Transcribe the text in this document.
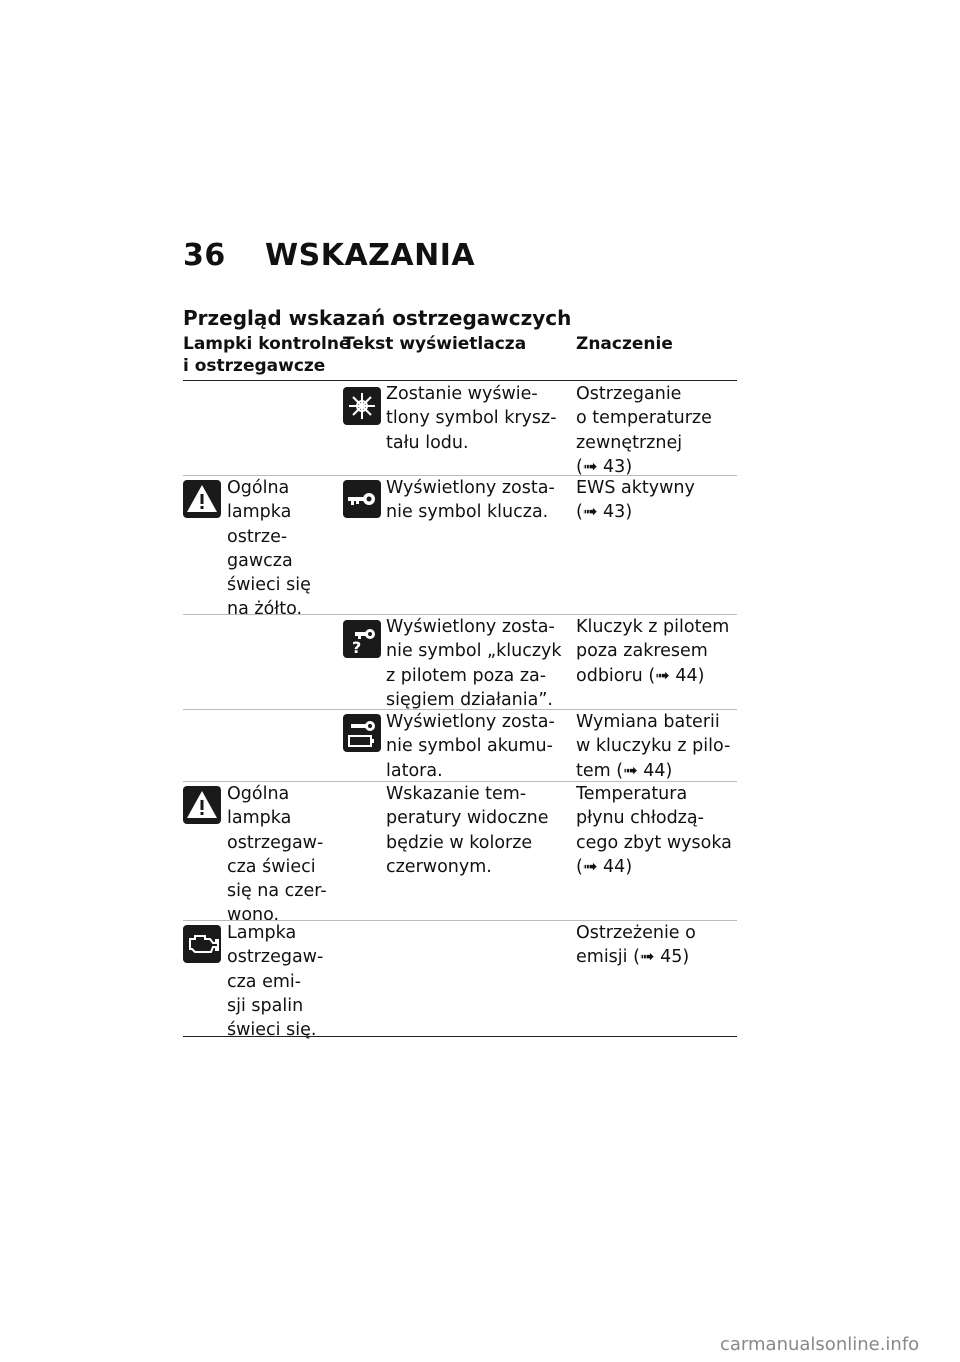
36 WSKAZANIA
Przegląd wskazań ostrzegawczych
Lampki kontrolne
i ostrzegawcze
Tekst wyświetlacza	Znaczenie
Zostanie wyświe-
tlony symbol krysz-
tału lodu.
Ostrzeganie
o temperaturze
zewnętrznej
(➟ 43)
Ogólna
lampka
ostrze-
gawcza
świeci się
na żółto.
Wyświetlony zosta-
nie symbol klucza.
EWS aktywny
(➟ 43)
?
Wyświetlony zosta-
nie symbol „kluczyk
z pilotem poza za-
sięgiem działania”.
Kluczyk z pilotem
poza zakresem
odbioru (➟ 44)
Wyświetlony zosta-
nie symbol akumu-
latora.
Wymiana baterii
w kluczyku z pilo-
tem (➟ 44)
Ogólna
lampka
ostrzegaw-
cza świeci
się na czer-
wono.
Wskazanie tem-
peratury widoczne
będzie w kolorze
czerwonym.
Temperatura
płynu chłodzą-
cego zbyt wysoka
(➟ 44)
Lampka
ostrzegaw-
cza emi-
sji spalin
świeci się.
Ostrzeżenie o
emisji (➟ 45)
carmanualsonline.info
